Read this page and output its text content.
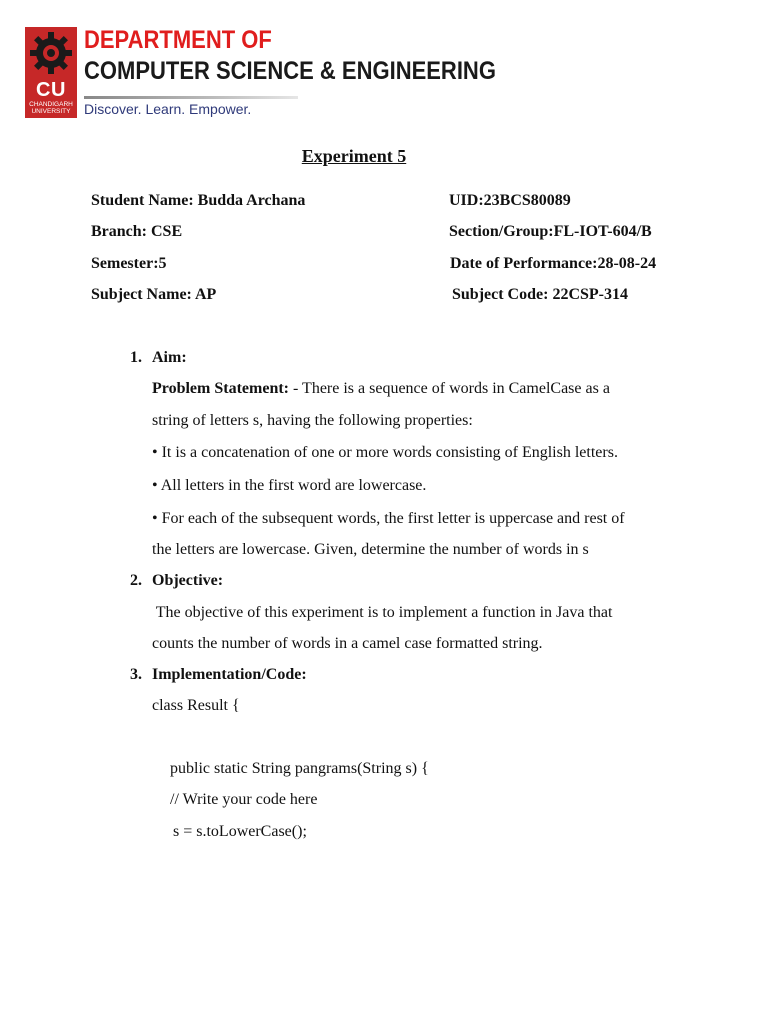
CU
CHANDIGARH UNIVERSITY
DEPARTMENT OF
COMPUTER SCIENCE & ENGINEERING
Discover. Learn. Empower.
Experiment 5
Student Name: Budda Archana	UID:23BCS80089
Branch: CSE	Section/Group:FL-IOT-604/B
Semester:5	Date of Performance:28-08-24
Subject Name: AP	Subject Code: 22CSP-314
1. Aim:
Problem Statement: - There is a sequence of words in CamelCase as a
string of letters s, having the following properties:
• It is a concatenation of one or more words consisting of English letters.
• All letters in the first word are lowercase.
• For each of the subsequent words, the first letter is uppercase and rest of
the letters are lowercase. Given, determine the number of words in s
2. Objective:
The objective of this experiment is to implement a function in Java that
counts the number of words in a camel case formatted string.
3. Implementation/Code:
class Result {
public static String pangrams(String s) {
// Write your code here
s = s.toLowerCase();
